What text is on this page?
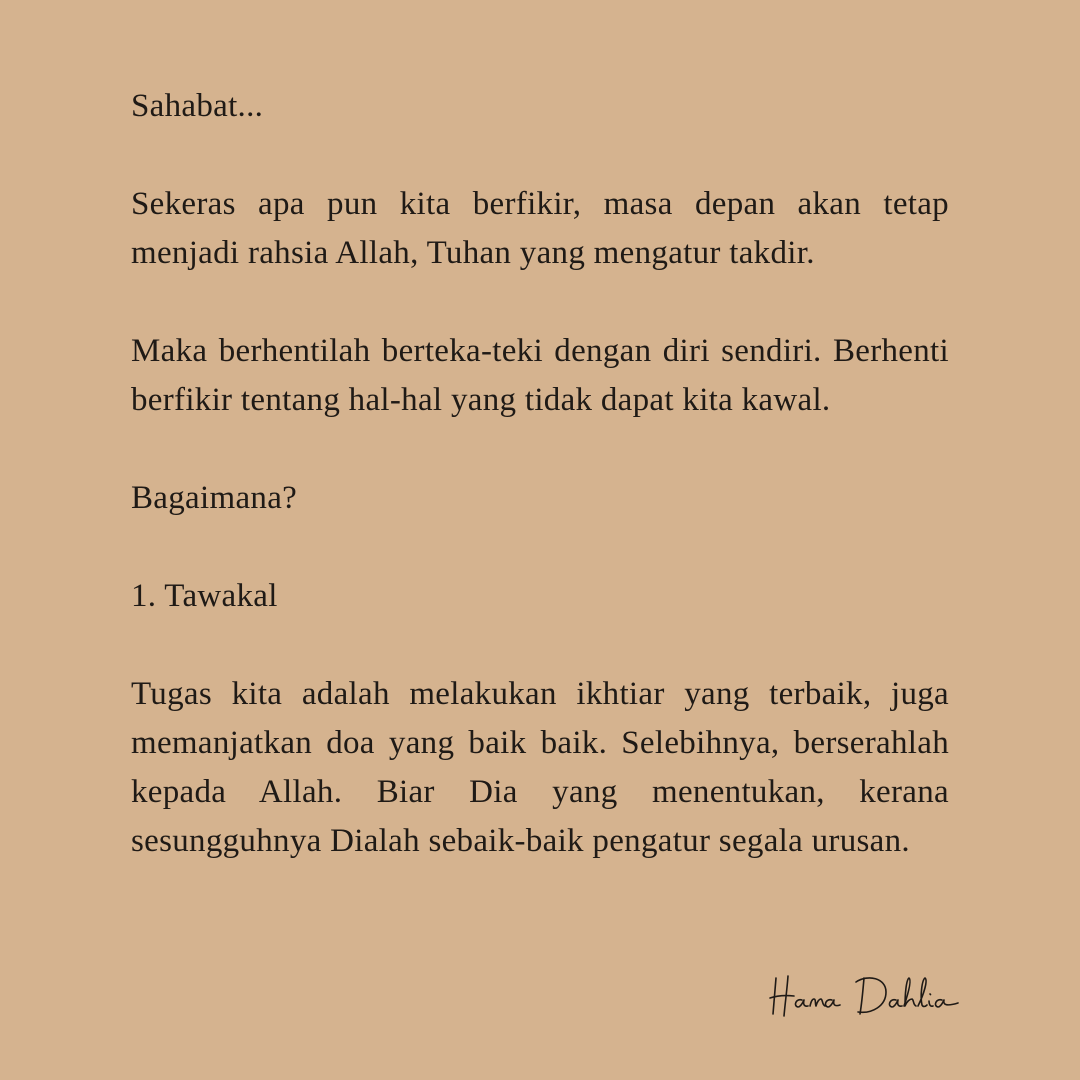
Sahabat...

Sekeras apa pun kita berfikir, masa depan akan tetap menjadi rahsia Allah, Tuhan yang mengatur takdir.

Maka berhentilah berteka-teki dengan diri sendiri. Berhenti berfikir tentang hal-hal yang tidak dapat kita kawal.

Bagaimana?

1. Tawakal

Tugas kita adalah melakukan ikhtiar yang terbaik, juga memanjatkan doa yang baik baik. Selebihnya, berserahlah kepada Allah. Biar Dia yang menentukan, kerana sesungguhnya Dialah sebaik-baik pengatur segala urusan.
